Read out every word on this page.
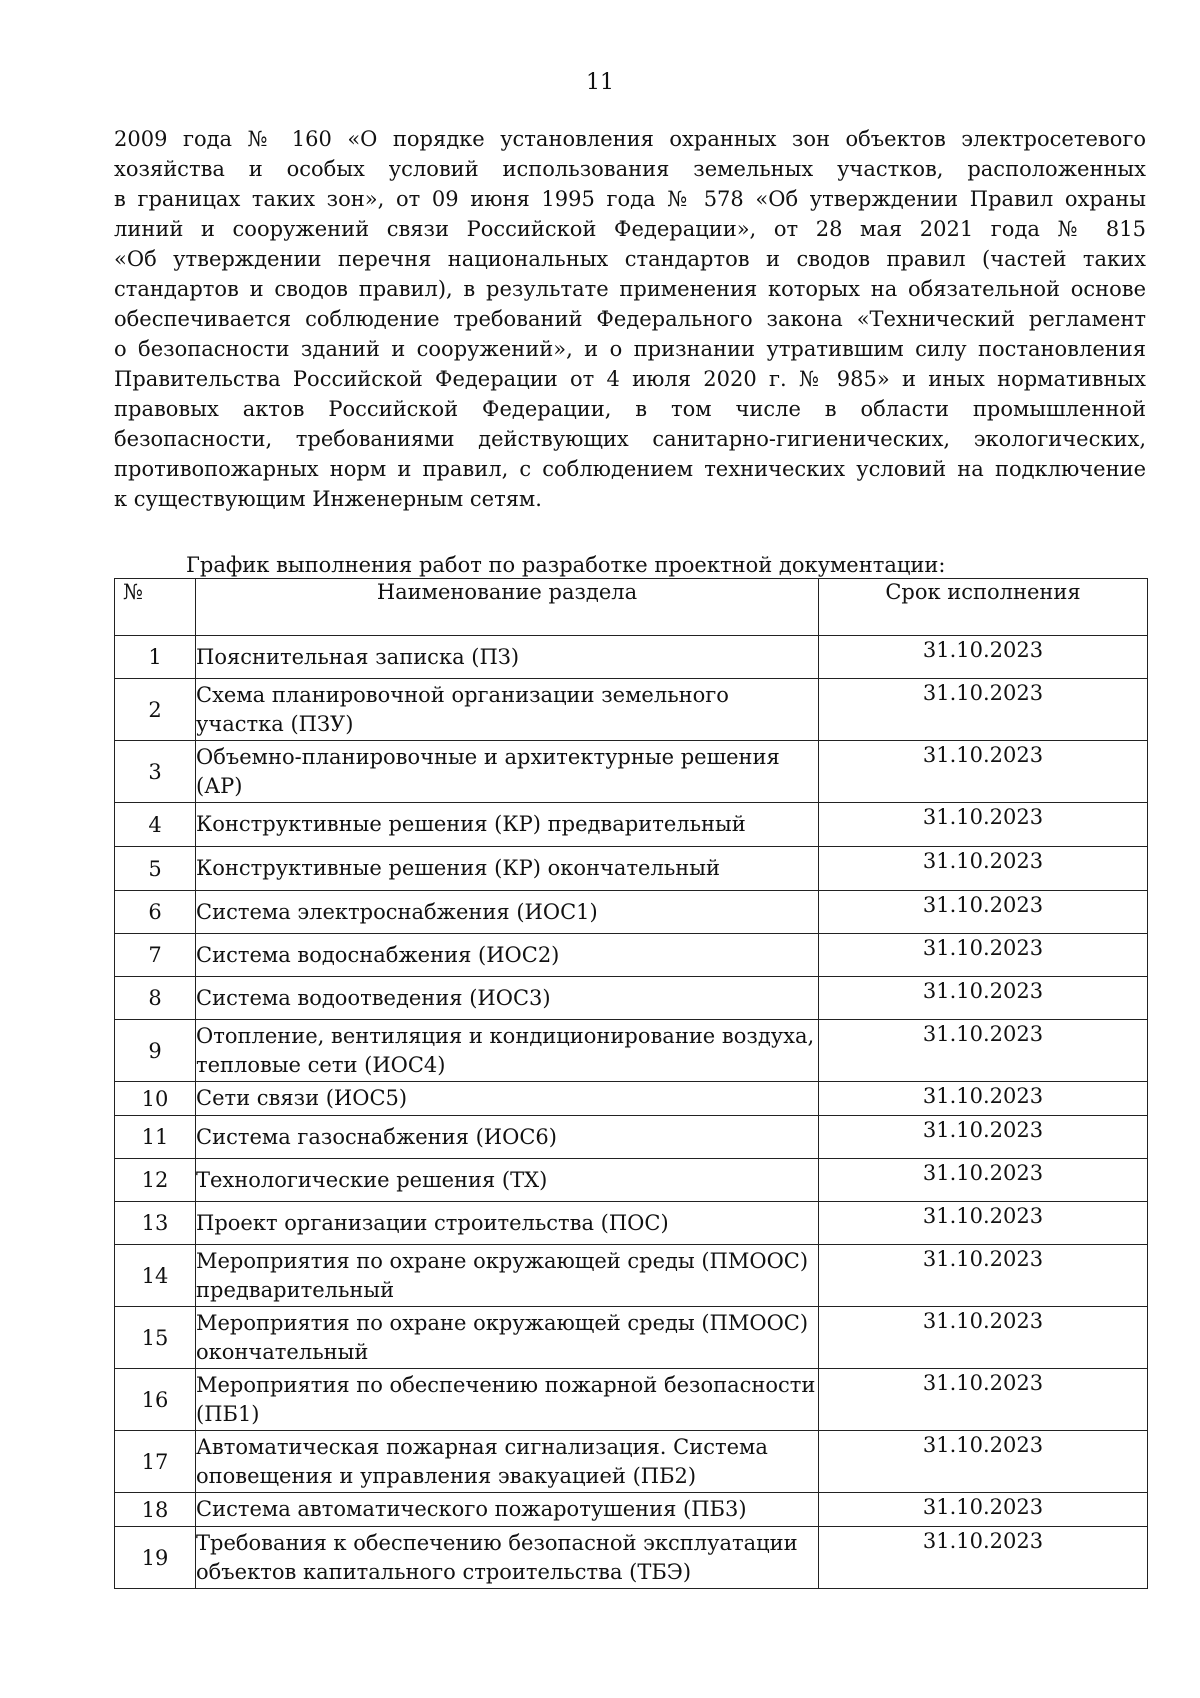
11
2009 года № 160 «О порядке установления охранных зон объектов электросетевого
хозяйства и особых условий использования земельных участков, расположенных
в границах таких зон», от 09 июня 1995 года № 578 «Об утверждении Правил охраны
линий и сооружений связи Российской Федерации», от 28 мая 2021 года № 815
«Об утверждении перечня национальных стандартов и сводов правил (частей таких
стандартов и сводов правил), в результате применения которых на обязательной основе
обеспечивается соблюдение требований Федерального закона «Технический регламент
о безопасности зданий и сооружений», и о признании утратившим силу постановления
Правительства Российской Федерации от 4 июля 2020 г. № 985» и иных нормативных
правовых актов Российской Федерации, в том числе в области промышленной
безопасности, требованиями действующих санитарно-гигиенических, экологических,
противопожарных норм и правил, с соблюдением технических условий на подключение
к существующим Инженерным сетям.
График выполнения работ по разработке проектной документации:
№	Наименование раздела	Срок исполнения
1	Пояснительная записка (ПЗ)	31.10.2023
2	Схема планировочной организации земельного участка (ПЗУ)	31.10.2023
3	Объемно-планировочные и архитектурные решения (АР)	31.10.2023
4	Конструктивные решения (КР) предварительный	31.10.2023
5	Конструктивные решения (КР) окончательный	31.10.2023
6	Система электроснабжения (ИОС1)	31.10.2023
7	Система водоснабжения (ИОС2)	31.10.2023
8	Система водоотведения (ИОС3)	31.10.2023
9	Отопление, вентиляция и кондиционирование воздуха, тепловые сети (ИОС4)	31.10.2023
10	Сети связи (ИОС5)	31.10.2023
11	Система газоснабжения (ИОС6)	31.10.2023
12	Технологические решения (ТХ)	31.10.2023
13	Проект организации строительства (ПОС)	31.10.2023
14	Мероприятия по охране окружающей среды (ПМООС) предварительный	31.10.2023
15	Мероприятия по охране окружающей среды (ПМООС) окончательный	31.10.2023
16	Мероприятия по обеспечению пожарной безопасности (ПБ1)	31.10.2023
17	Автоматическая пожарная сигнализация. Система оповещения и управления эвакуацией (ПБ2)	31.10.2023
18	Система автоматического пожаротушения (ПБ3)	31.10.2023
19	Требования к обеспечению безопасной эксплуатации объектов капитального строительства (ТБЭ)	31.10.2023
